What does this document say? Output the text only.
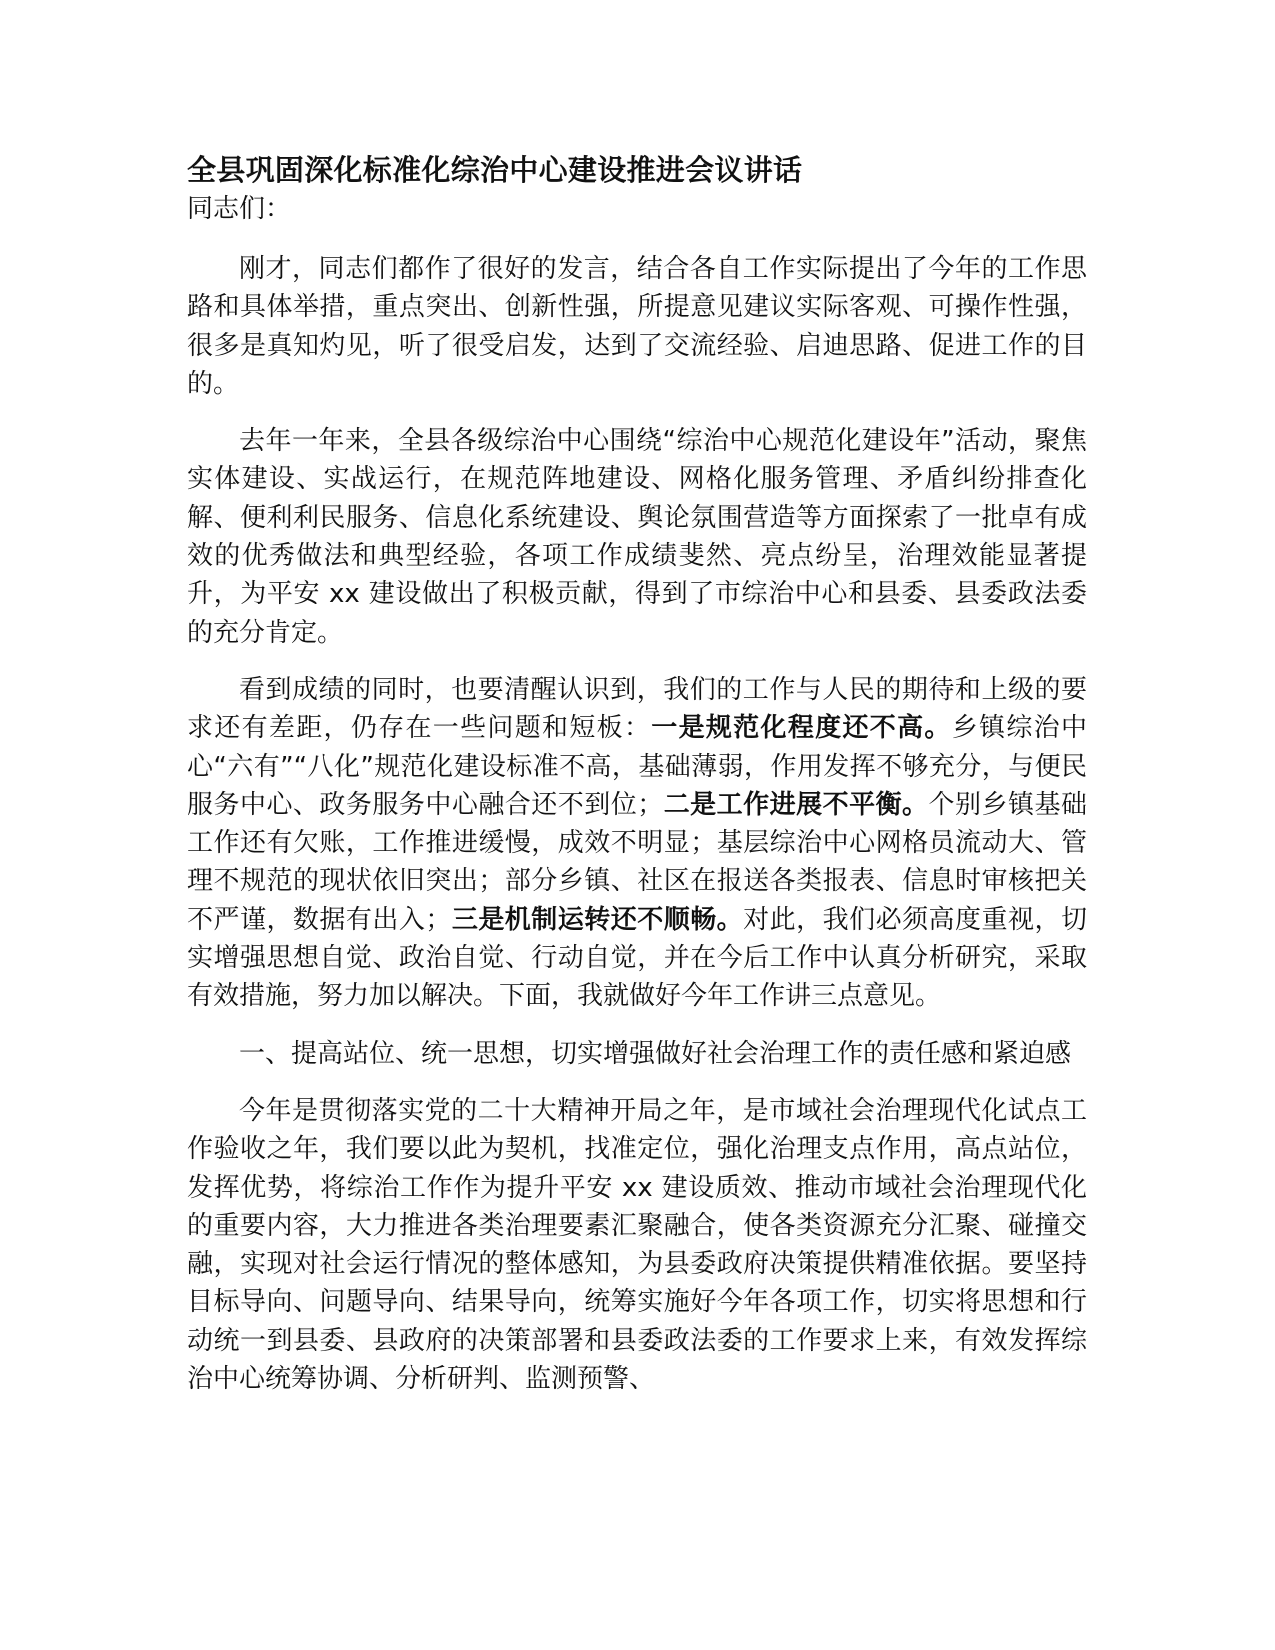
全县巩固深化标准化综治中心建设推进会议讲话
同志们：

刚才，同志们都作了很好的发言，结合各自工作实际提出了今年的工作思路和具体举措，重点突出、创新性强，所提意见建议实际客观、可操作性强，很多是真知灼见，听了很受启发，达到了交流经验、启迪思路、促进工作的目的。

去年一年来，全县各级综治中心围绕“综治中心规范化建设年”活动，聚焦实体建设、实战运行，在规范阵地建设、网格化服务管理、矛盾纠纷排查化解、便利利民服务、信息化系统建设、舆论氛围营造等方面探索了一批卓有成效的优秀做法和典型经验，各项工作成绩斐然、亮点纷呈，治理效能显著提升，为平安 xx 建设做出了积极贡献，得到了市综治中心和县委、县委政法委的充分肯定。

看到成绩的同时，也要清醒认识到，我们的工作与人民的期待和上级的要求还有差距，仍存在一些问题和短板：一是规范化程度还不高。乡镇综治中心“六有”“八化”规范化建设标准不高，基础薄弱，作用发挥不够充分，与便民服务中心、政务服务中心融合还不到位；二是工作进展不平衡。个别乡镇基础工作还有欠账，工作推进缓慢，成效不明显；基层综治中心网格员流动大、管理不规范的现状依旧突出；部分乡镇、社区在报送各类报表、信息时审核把关不严谨，数据有出入；三是机制运转还不顺畅。对此，我们必须高度重视，切实增强思想自觉、政治自觉、行动自觉，并在今后工作中认真分析研究，采取有效措施，努力加以解决。下面，我就做好今年工作讲三点意见。

一、提高站位、统一思想，切实增强做好社会治理工作的责任感和紧迫感

今年是贯彻落实党的二十大精神开局之年，是市域社会治理现代化试点工作验收之年，我们要以此为契机，找准定位，强化治理支点作用，高点站位，发挥优势，将综治工作作为提升平安 xx 建设质效、推动市域社会治理现代化的重要内容，大力推进各类治理要素汇聚融合，使各类资源充分汇聚、碰撞交融，实现对社会运行情况的整体感知，为县委政府决策提供精准依据。要坚持目标导向、问题导向、结果导向，统筹实施好今年各项工作，切实将思想和行动统一到县委、县政府的决策部署和县委政法委的工作要求上来，有效发挥综治中心统筹协调、分析研判、监测预警、
